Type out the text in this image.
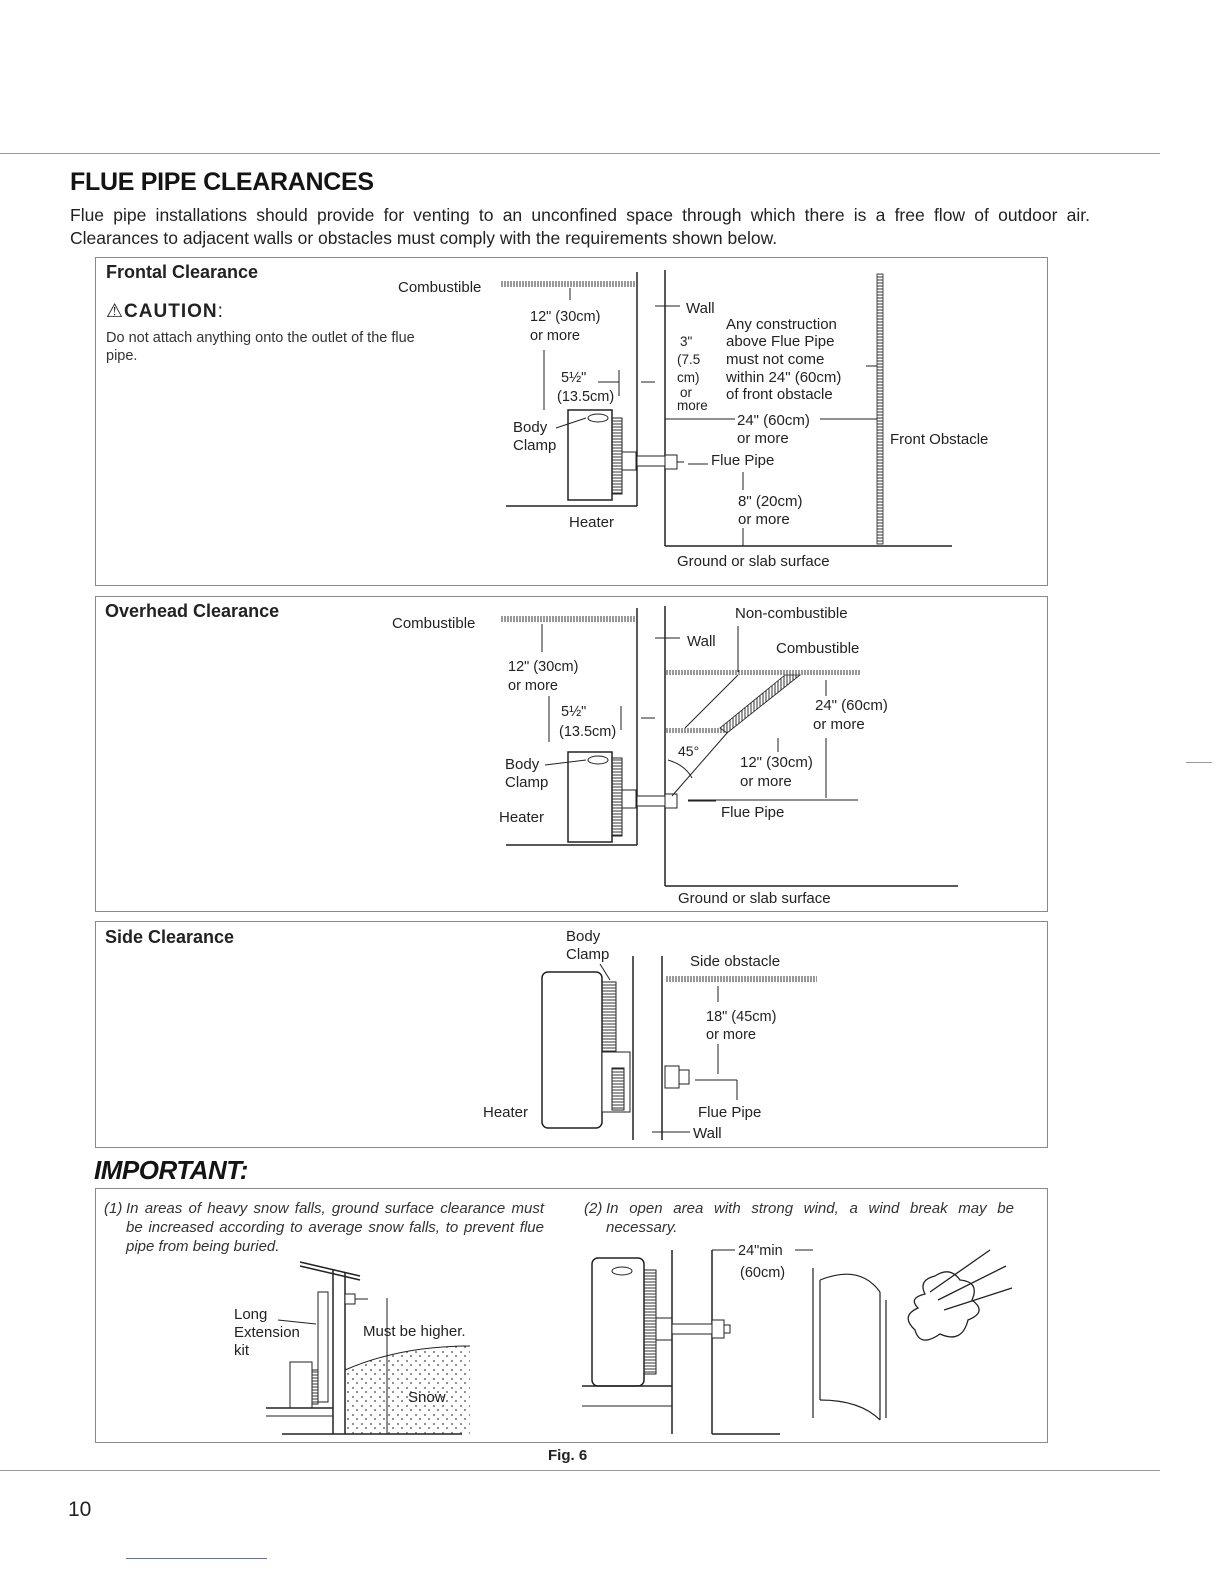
FLUE PIPE CLEARANCES
Flue pipe installations should provide for venting to an unconfined space through which there is a free flow of outdoor air. Clearances to adjacent walls or obstacles must comply with the requirements shown below.
Frontal Clearance
⚠CAUTION:
Do not attach anything onto the outlet of the flue pipe.
Combustible
12" (30cm)
or more
5½"
(13.5cm)
Body
Clamp
Heater
Wall
3"
(7.5
cm)
or
more
Any construction
above Flue Pipe
must not come
within 24" (60cm)
of front obstacle
24" (60cm)
or more
Flue Pipe
8" (20cm)
or more
Front Obstacle
Ground or slab surface
Overhead Clearance
Combustible
12" (30cm)
or more
5½"
(13.5cm)
Body
Clamp
Heater
Wall
Flue Pipe
Non-combustible
Combustible
45°
24" (60cm)
or more
12" (30cm)
or more
Ground or slab surface
Side Clearance	Body
Clamp
Heater
Side obstacle
18" (45cm)
or more
Flue Pipe
Wall
IMPORTANT:
(1) In areas of heavy snow falls, ground surface clearance must be increased according to average snow falls, to prevent flue pipe from being buried.
(2) In open area with strong wind, a wind break may be necessary.
Long
Extension
kit
Must be higher.
Snow
24"min
(60cm)
Fig. 6
10
